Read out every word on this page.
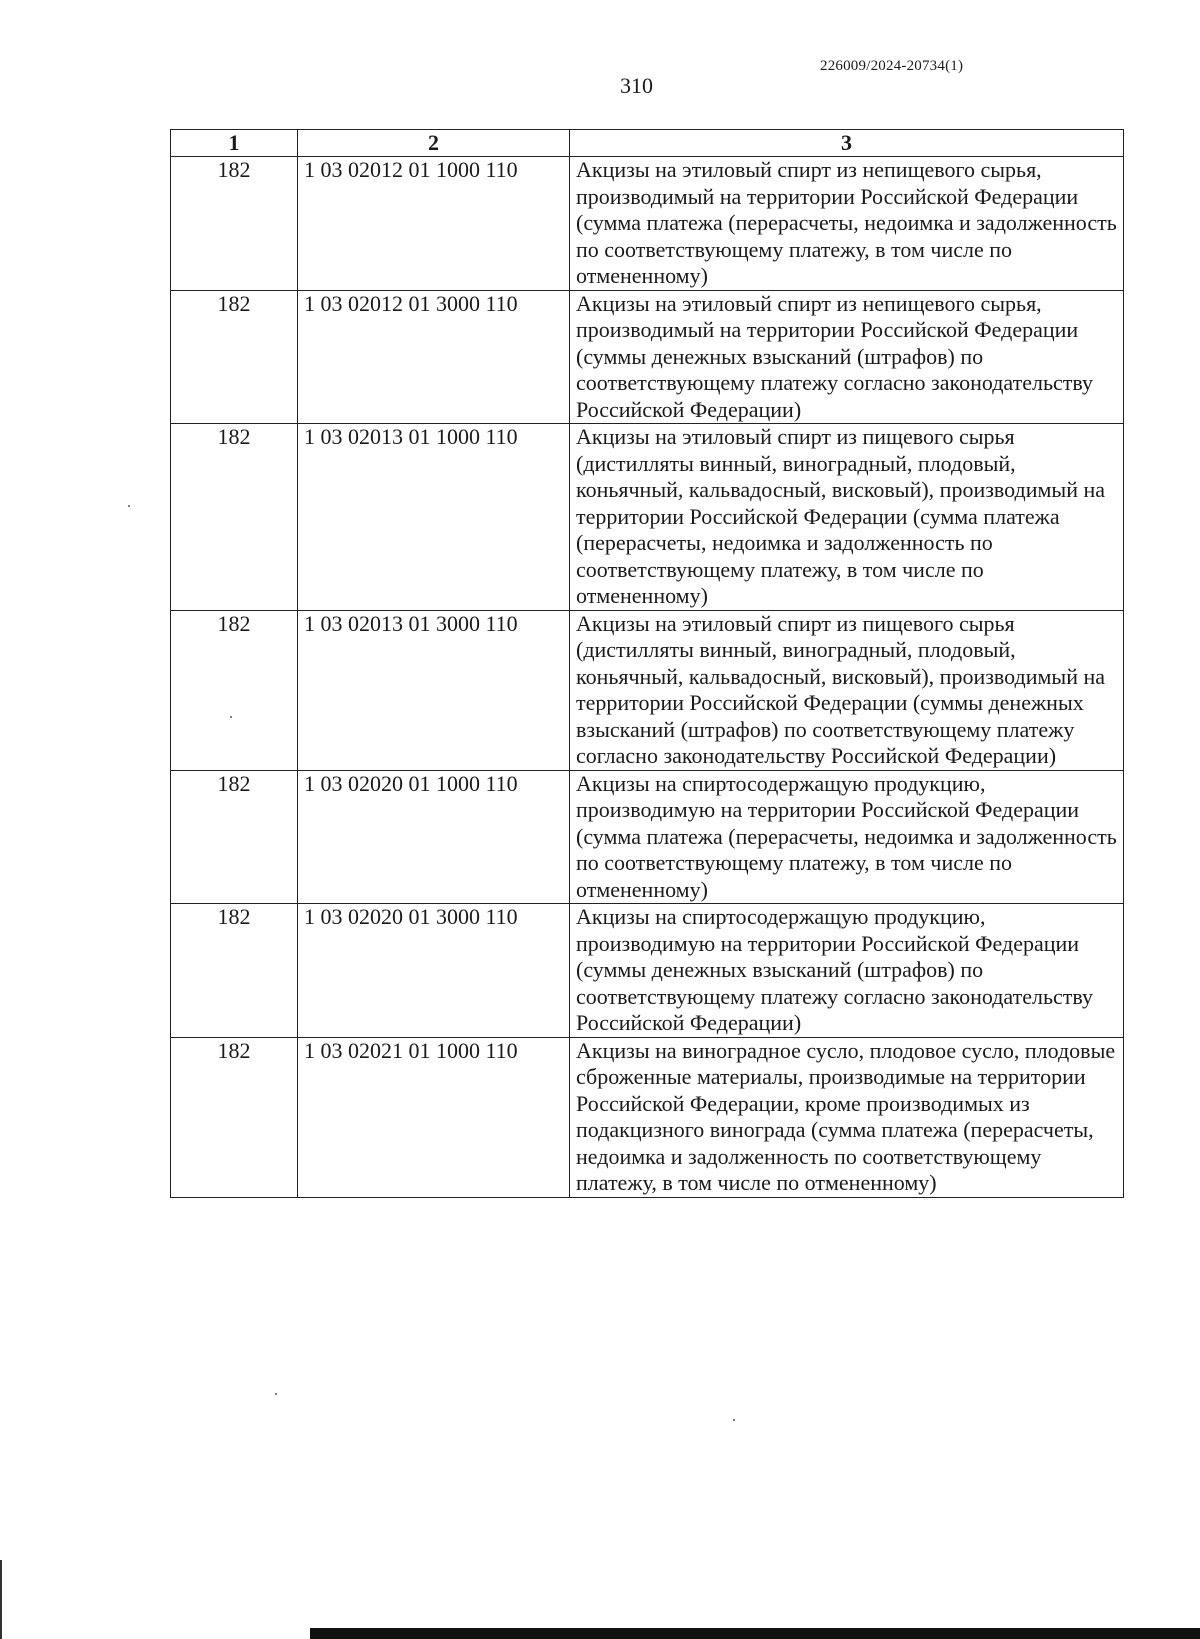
226009/2024-20734(1)
310
1	2	3
182	1 03 02012 01 1000 110	Акцизы на этиловый спирт из непищевого сырья, производимый на территории Российской Федерации (сумма платежа (перерасчеты, недоимка и задолженность по соответствующему платежу, в том числе по отмененному)
182	1 03 02012 01 3000 110	Акцизы на этиловый спирт из непищевого сырья, производимый на территории Российской Федерации (суммы денежных взысканий (штрафов) по соответствующему платежу согласно законодательству Российской Федерации)
182	1 03 02013 01 1000 110	Акцизы на этиловый спирт из пищевого сырья (дистилляты винный, виноградный, плодовый, коньячный, кальвадосный, висковый), производимый на территории Российской Федерации (сумма платежа (перерасчеты, недоимка и задолженность по соответствующему платежу, в том числе по отмененному)
182	1 03 02013 01 3000 110	Акцизы на этиловый спирт из пищевого сырья (дистилляты винный, виноградный, плодовый, коньячный, кальвадосный, висковый), производимый на территории Российской Федерации (суммы денежных взысканий (штрафов) по соответствующему платежу согласно законодательству Российской Федерации)
182	1 03 02020 01 1000 110	Акцизы на спиртосодержащую продукцию, производимую на территории Российской Федерации (сумма платежа (перерасчеты, недоимка и задолженность по соответствующему платежу, в том числе по отмененному)
182	1 03 02020 01 3000 110	Акцизы на спиртосодержащую продукцию, производимую на территории Российской Федерации (суммы денежных взысканий (штрафов) по соответствующему платежу согласно законодательству Российской Федерации)
182	1 03 02021 01 1000 110	Акцизы на виноградное сусло, плодовое сусло, плодовые сброженные материалы, производимые на территории Российской Федерации, кроме производимых из подакцизного винограда (сумма платежа (перерасчеты, недоимка и задолженность по соответствующему платежу, в том числе по отмененному)
